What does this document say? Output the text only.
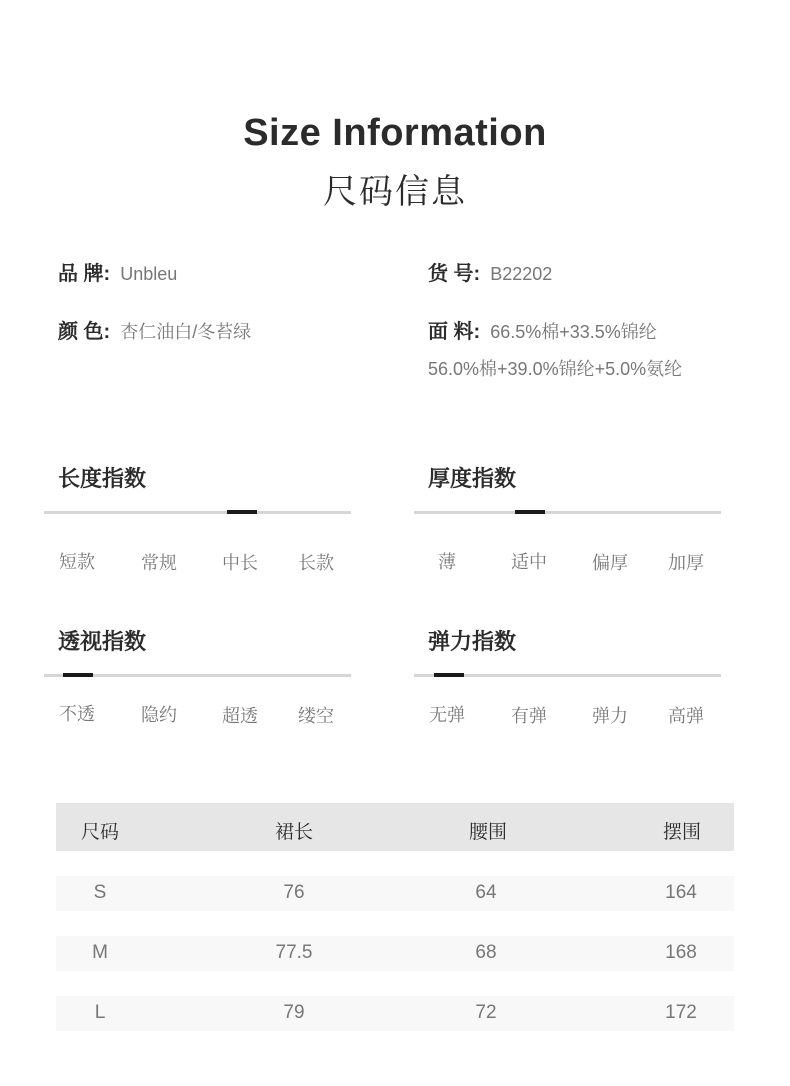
Size Information
尺码信息
品 牌: Unbleu	货 号: B22202
颜 色: 杏仁油白/冬苔绿	面 料: 66.5%棉+33.5%锦纶
56.0%棉+39.0%锦纶+5.0%氨纶
长度指数
短款	常规	中长 长款
厚度指数
薄	适中	偏厚 加厚
透视指数
不透	隐约	超透 缕空
弹力指数
无弹	有弹	弹力 高弹
尺码	裙长	腰围	摆围
S	76	64	164
M	77.5	68	168
L	79	72	172
